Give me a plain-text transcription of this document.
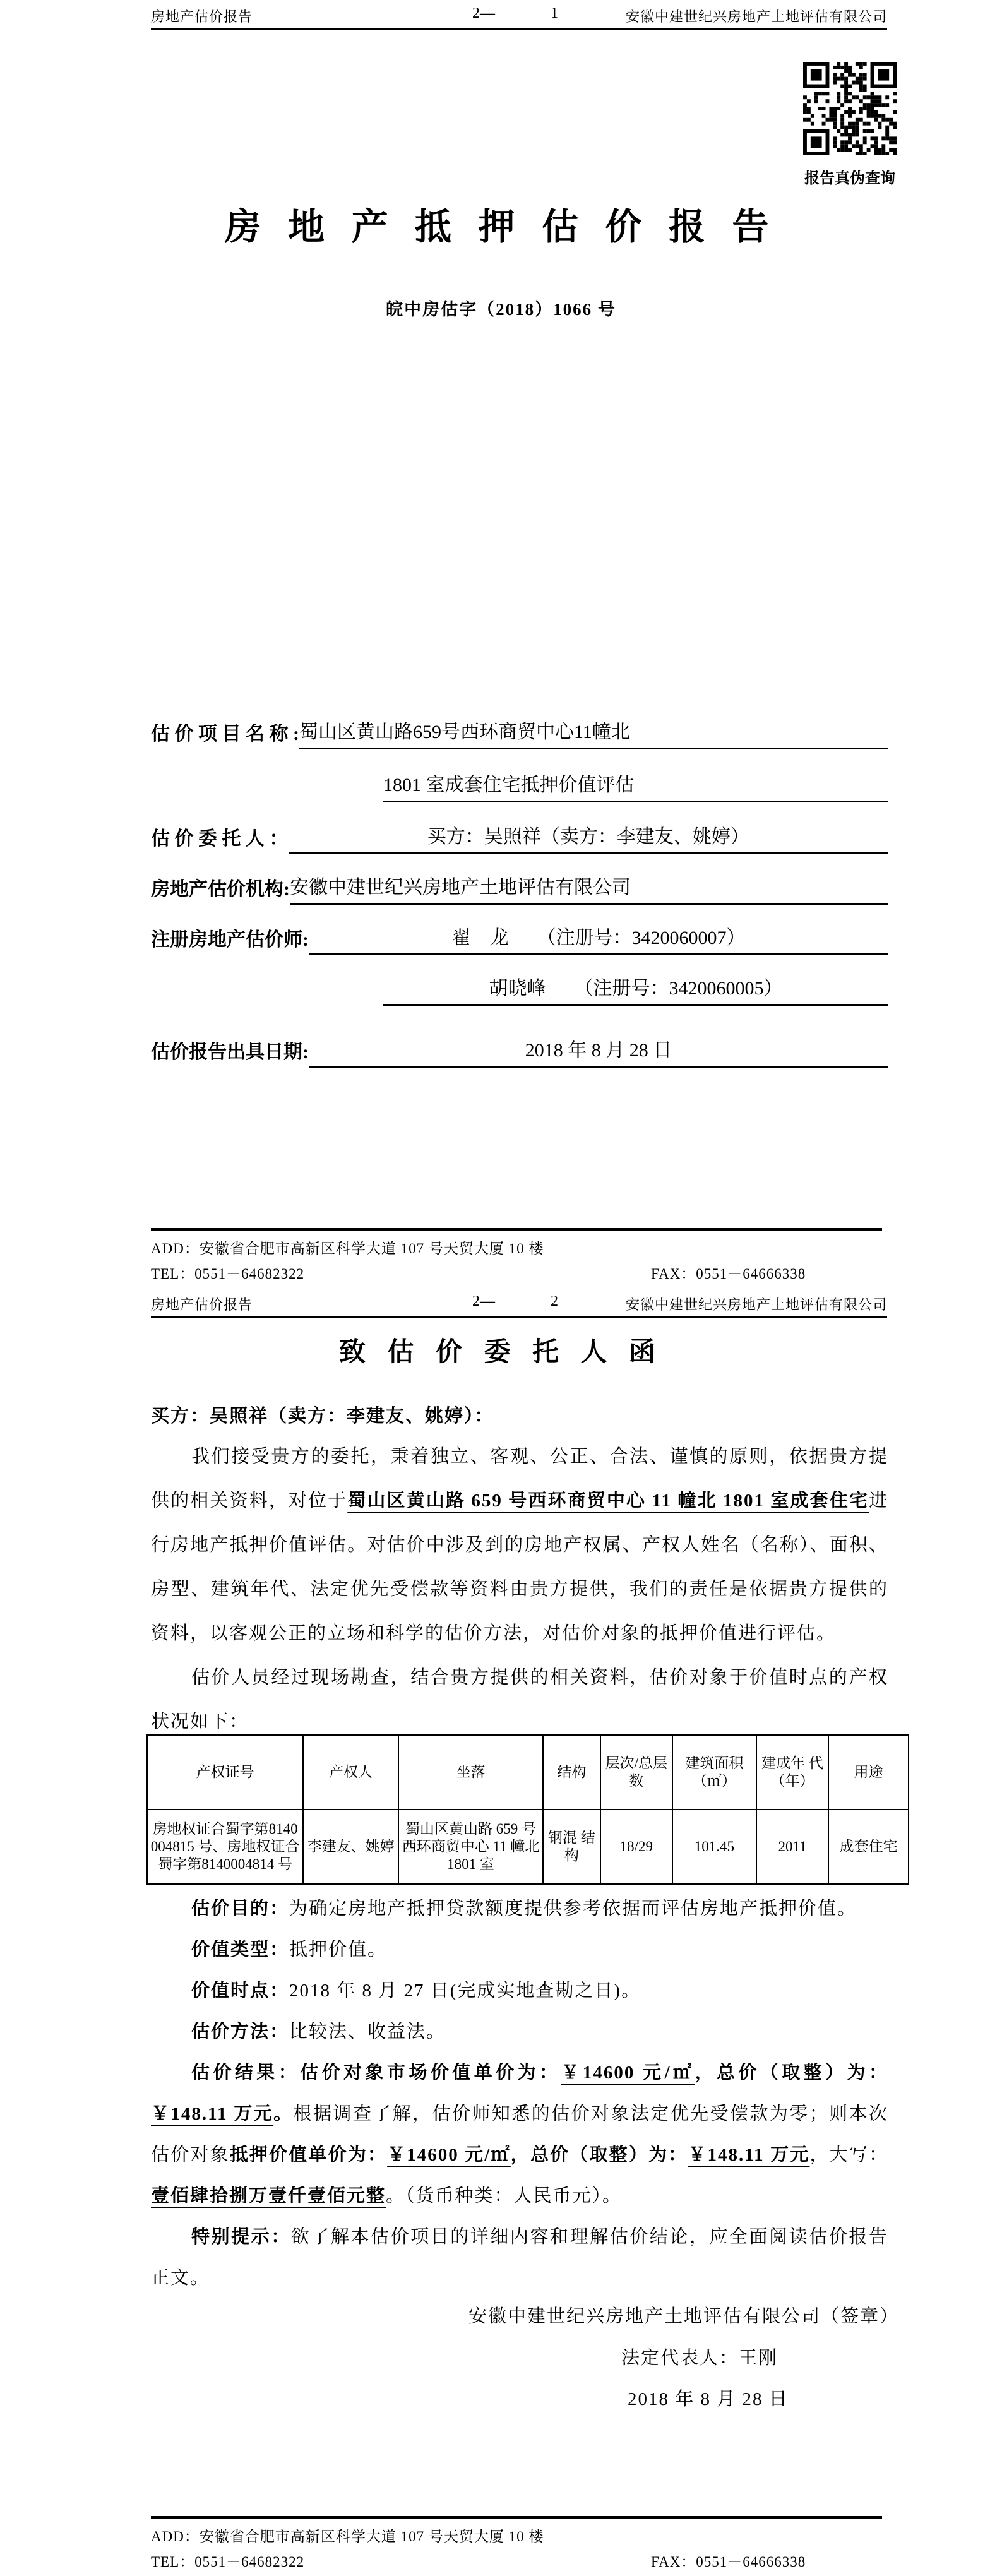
房地产估价报告	2—	1	安徽中建世纪兴房地产土地评估有限公司
报告真伪查询
房 地 产 抵 押 估 价 报 告
皖中房估字（2018）1066 号
估 价 项 目 名 称 : 蜀山区黄山路659号西环商贸中心11幢北
1801 室成套住宅抵押价值评估
估 价 委 托 人 ：	买方：吴照祥（卖方：李建友、姚婷）
房地产估价机构: 安徽中建世纪兴房地产土地评估有限公司
注册房地产估价师:	翟　龙　　（注册号：3420060007）
胡晓峰　　（注册号：3420060005）
估价报告出具日期:	2018 年 8 月 28 日
ADD：安徽省合肥市高新区科学大道 107 号天贸大厦 10 楼
TEL：0551－64682322	FAX：0551－64666338
房地产估价报告	2—	2	安徽中建世纪兴房地产土地评估有限公司
致 估 价 委 托 人 函
买方：吴照祥（卖方：李建友、姚婷）：

我们接受贵方的委托，秉着独立、客观、公正、合法、谨慎的原则，依据贵方提供的相关资料，对位于蜀山区黄山路 659 号西环商贸中心 11 幢北 1801 室成套住宅进行房地产抵押价值评估。对估价中涉及到的房地产权属、产权人姓名（名称）、面积、房型、建筑年代、法定优先受偿款等资料由贵方提供，我们的责任是依据贵方提供的资料，以客观公正的立场和科学的估价方法，对估价对象的抵押价值进行评估。

估价人员经过现场勘查，结合贵方提供的相关资料，估价对象于价值时点的产权状况如下：

产权证号	产权人	坐落	结构	层次/总层数	建筑面积（㎡）	建成年 代（年）	用途
房地权证合蜀字第8140004815 号、房地权证合蜀字第8140004814 号	李建友、姚婷	蜀山区黄山路 659 号西环商贸中心 11 幢北 1801 室	钢混 结构	18/29	101.45	2011	成套住宅

估价目的：为确定房地产抵押贷款额度提供参考依据而评估房地产抵押价值。

价值类型：抵押价值。

价值时点：2018 年 8 月 27 日(完成实地查勘之日)。

估价方法：比较法、收益法。

估价结果：估价对象市场价值单价为：￥14600 元/㎡，总价（取整）为：￥148.11 万元。根据调查了解，估价师知悉的估价对象法定优先受偿款为零；则本次估价对象抵押价值单价为：￥14600 元/㎡，总价（取整）为：￥148.11 万元，大写：壹佰肆拾捌万壹仟壹佰元整。（货币种类：人民币元）。

特别提示：欲了解本估价项目的详细内容和理解估价结论，应全面阅读估价报告正文。

安徽中建世纪兴房地产土地评估有限公司（签章）
法定代表人：王刚
2018 年 8 月 28 日
ADD：安徽省合肥市高新区科学大道 107 号天贸大厦 10 楼
TEL：0551－64682322	FAX：0551－64666338
